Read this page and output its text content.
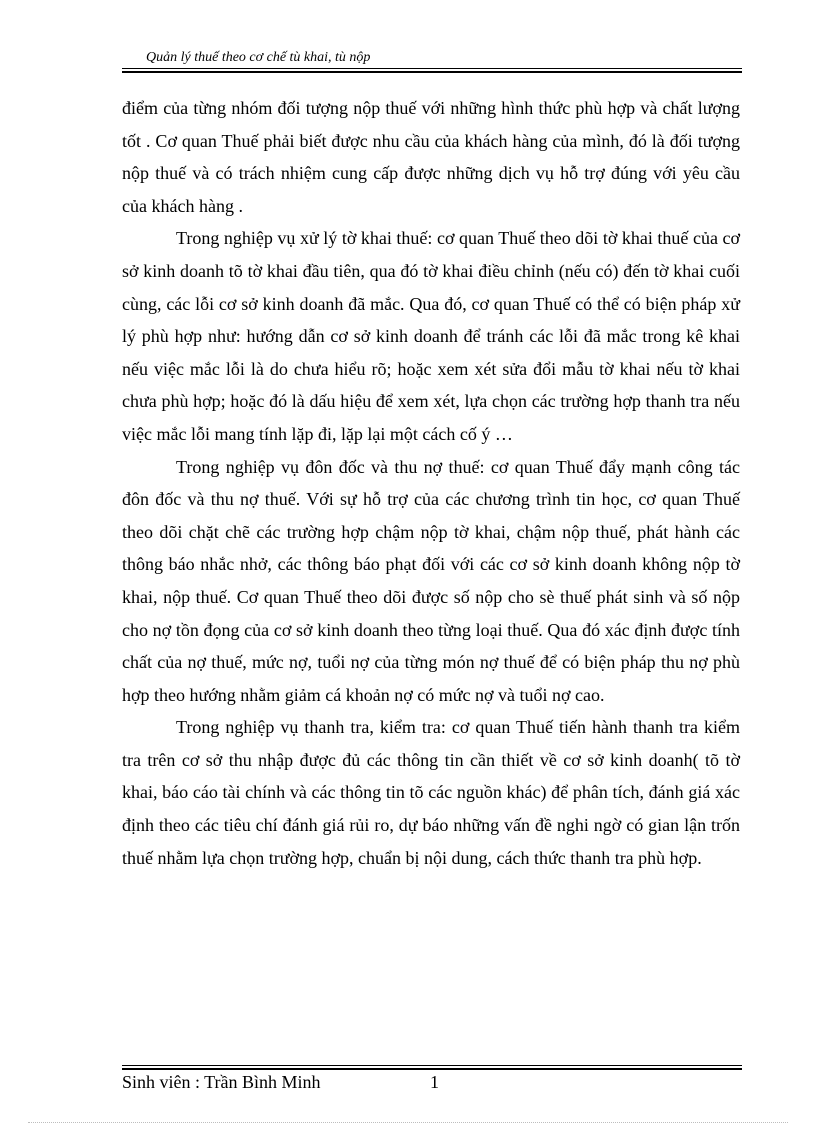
Quản lý thuế theo cơ chế tù khai, tù nộp

điểm của từng nhóm đối tượng nộp thuế với những hình thức phù hợp và chất lượng tốt . Cơ quan Thuế phải biết được nhu cầu của khách hàng của mình, đó là đối tượng nộp thuế và có trách nhiệm cung cấp được những dịch vụ hỗ trợ đúng với yêu cầu của khách hàng .

Trong nghiệp vụ xử lý tờ khai thuế: cơ quan Thuế theo dõi tờ khai thuế của cơ sở kinh doanh tõ tờ khai đầu tiên, qua đó tờ khai điều chỉnh (nếu có) đến tờ khai cuối cùng, các lỗi cơ sở kinh doanh đã mắc. Qua đó, cơ quan Thuế có thể có biện pháp xử lý phù hợp như: hướng dẫn cơ sở kinh doanh để tránh các lỗi đã mắc trong kê khai nếu việc mắc lỗi là do chưa hiểu rõ; hoặc xem xét sửa đổi mẫu tờ khai nếu tờ khai chưa phù hợp; hoặc đó là dấu hiệu để xem xét, lựa chọn các trường hợp thanh tra nếu việc mắc lỗi mang tính lặp đi, lặp lại một cách cố ý …

Trong nghiệp vụ đôn đốc và thu nợ thuế: cơ quan Thuế đẩy mạnh công tác đôn đốc và thu nợ thuế. Với sự hỗ trợ của các chương trình tin học, cơ quan Thuế theo dõi chặt chẽ các trường hợp chậm nộp tờ khai, chậm nộp thuế, phát hành các thông báo nhắc nhở, các thông báo phạt đối với các cơ sở kinh doanh không nộp tờ khai, nộp thuế. Cơ quan Thuế theo dõi được số nộp cho sè thuế phát sinh và số nộp cho nợ tồn đọng của cơ sở kinh doanh theo từng loại thuế. Qua đó xác định được tính chất của nợ thuế, mức nợ, tuổi nợ của từng món nợ thuế để có biện pháp thu nợ phù hợp theo hướng nhằm giảm cá khoản nợ có mức nợ và tuổi nợ cao.

Trong nghiệp vụ thanh tra, kiểm tra: cơ quan Thuế tiến hành thanh tra kiểm tra trên cơ sở thu nhập được đủ các thông tin cần thiết về cơ sở kinh doanh( tõ tờ khai, báo cáo tài chính và các thông tin tõ các nguồn khác) để phân tích, đánh giá xác định theo các tiêu chí đánh giá rủi ro, dự báo những vấn đề nghi ngờ có gian lận trốn thuế nhằm lựa chọn trường hợp, chuẩn bị nội dung, cách thức thanh tra phù hợp.

Sinh viên : Trần Bình Minh	1
